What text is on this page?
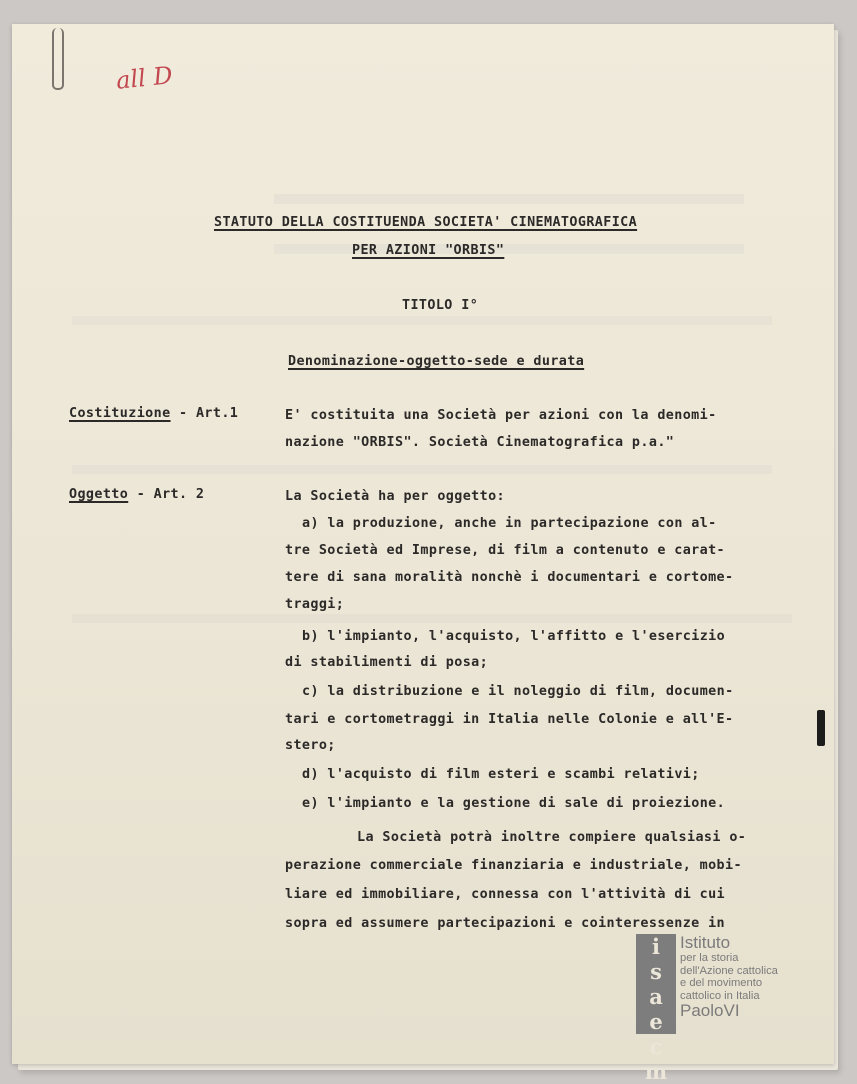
all D
STATUTO DELLA COSTITUENDA SOCIETA' CINEMATOGRAFICA
PER AZIONI "ORBIS"
TITOLO I°
Denominazione-oggetto-sede e durata
Costituzione - Art.1	E' costituita una Società per azioni con la denomi-
nazione "ORBIS". Società Cinematografica p.a."
Oggetto - Art. 2	La Società ha per oggetto:
a) la produzione, anche in partecipazione con al-
tre Società ed Imprese, di film a contenuto e carat-
tere di sana moralità nonchè i documentari e cortome-
traggi;
b) l'impianto, l'acquisto, l'affitto e l'esercizio
di stabilimenti di posa;
c) la distribuzione e il noleggio di film, documen-
tari e cortometraggi in Italia nelle Colonie e all'E-
stero;
d) l'acquisto di film esteri e scambi relativi;
e) l'impianto e la gestione di sale di proiezione.
La Società potrà inoltre compiere qualsiasi o-
perazione commerciale finanziaria e industriale, mobi-
liare ed immobiliare, connessa con l'attività di cui
sopra ed assumere partecipazioni e cointeressenze in
i
s
a
e
c
m
Istituto
per la storia
dell'Azione cattolica
e del movimento
cattolico in Italia
PaoloVI
